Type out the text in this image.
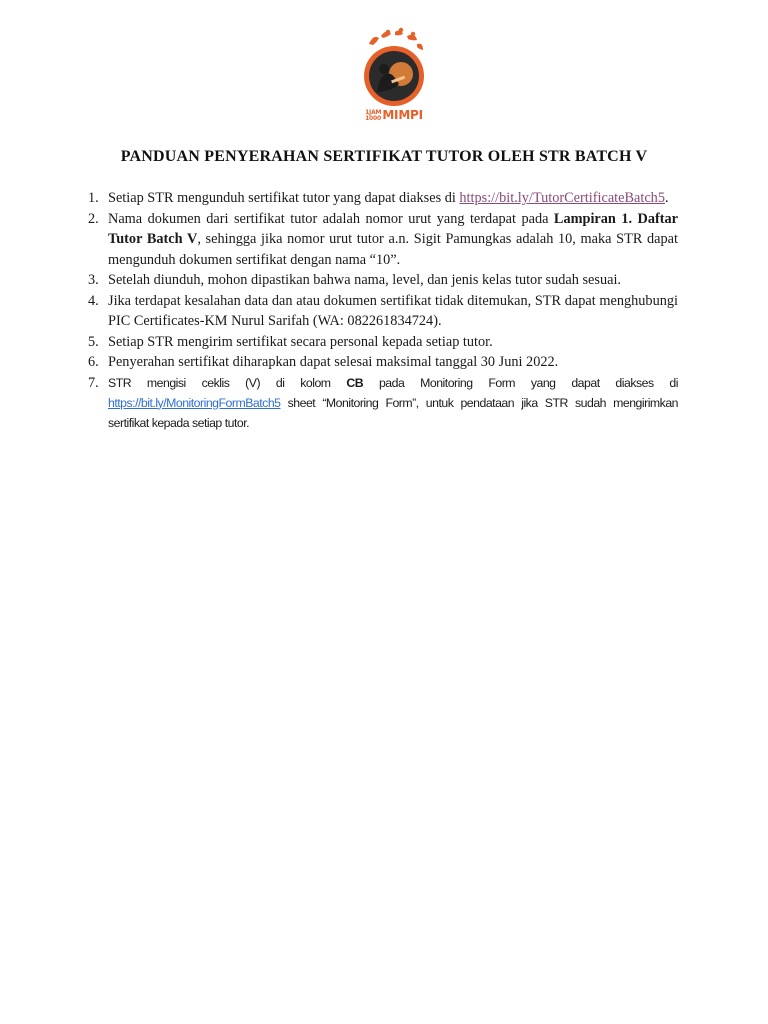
1JAM
1000MIMPI
PANDUAN PENYERAHAN SERTIFIKAT TUTOR OLEH STR BATCH V
1. Setiap STR mengunduh sertifikat tutor yang dapat diakses di https://bit.ly/TutorCertificateBatch5.
2. Nama dokumen dari sertifikat tutor adalah nomor urut yang terdapat pada Lampiran 1. Daftar Tutor Batch V, sehingga jika nomor urut tutor a.n. Sigit Pamungkas adalah 10, maka STR dapat mengunduh dokumen sertifikat dengan nama “10”.
3. Setelah diunduh, mohon dipastikan bahwa nama, level, dan jenis kelas tutor sudah sesuai.
4. Jika terdapat kesalahan data dan atau dokumen sertifikat tidak ditemukan, STR dapat menghubungi PIC Certificates-KM Nurul Sarifah (WA: 082261834724).
5. Setiap STR mengirim sertifikat secara personal kepada setiap tutor.
6. Penyerahan sertifikat diharapkan dapat selesai maksimal tanggal 30 Juni 2022.
7. STR mengisi ceklis (V) di kolom CB pada Monitoring Form yang dapat diakses di https://bit.ly/MonitoringFormBatch5 sheet “Monitoring Form”, untuk pendataan jika STR sudah mengirimkan sertifikat kepada setiap tutor.
